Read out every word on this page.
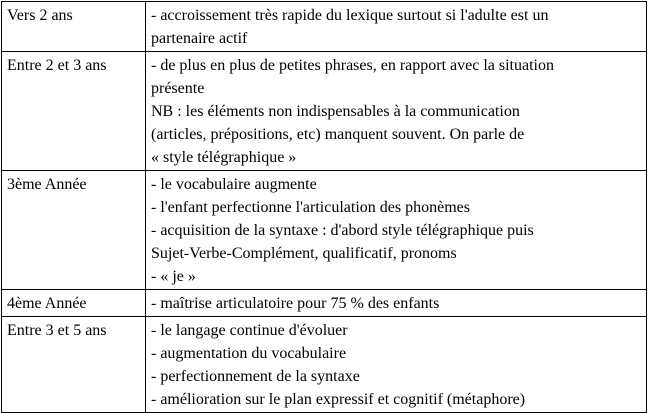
Vers 2 ans	- accroissement très rapide du lexique surtout si l'adulte est un
partenaire actif

Entre 2 et 3 ans	- de plus en plus de petites phrases, en rapport avec la situation
présente
NB : les éléments non indispensables à la communication
(articles, prépositions, etc) manquent souvent. On parle de
« style télégraphique »

3ème Année	- le vocabulaire augmente
- l'enfant perfectionne l'articulation des phonèmes
- acquisition de la syntaxe : d'abord style télégraphique puis
Sujet-Verbe-Complément, qualificatif, pronoms
- « je »

4ème Année	- maîtrise articulatoire pour 75 % des enfants

Entre 3 et 5 ans	- le langage continue d'évoluer
- augmentation du vocabulaire
- perfectionnement de la syntaxe
- amélioration sur le plan expressif et cognitif (métaphore)
